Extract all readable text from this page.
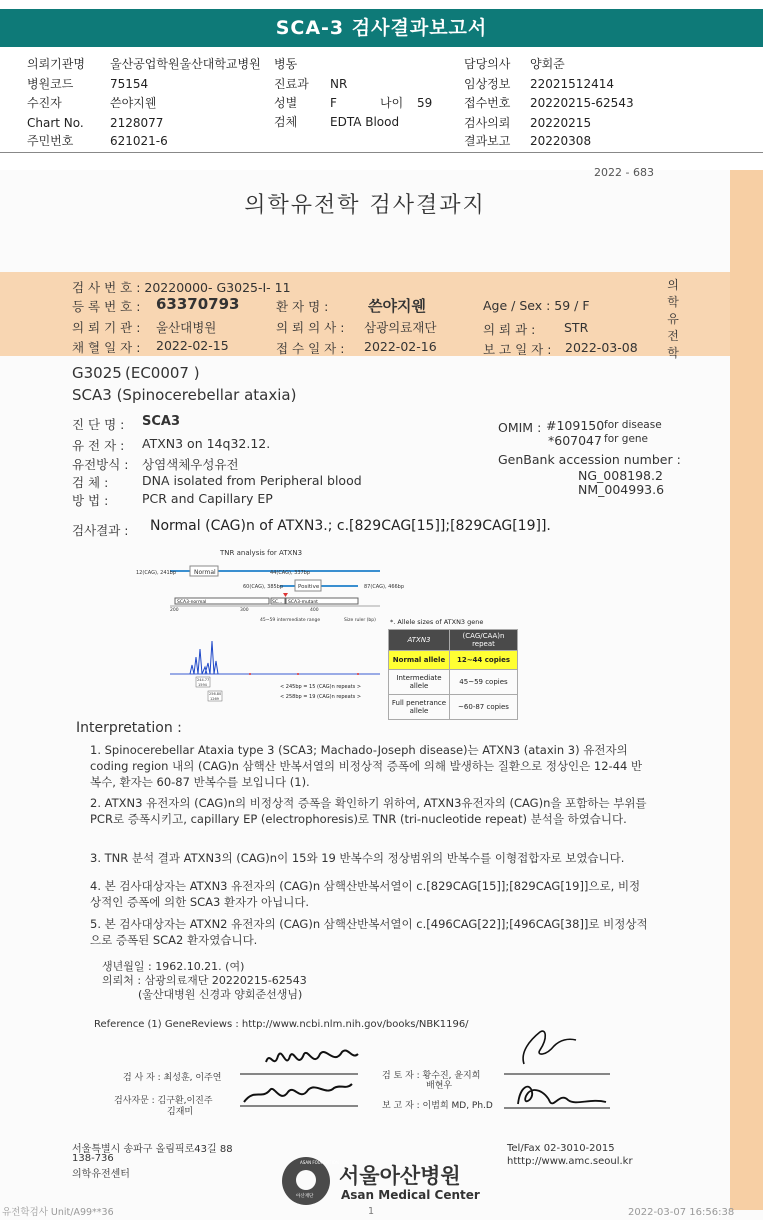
SCA-3 검사결과보고서
의뢰기관명 울산공업학원울산대학교병원 병동	담당의사 양회준
병원코드	75154	진료과 NR	임상정보 22021512414
수진자	쓴야지웬	성별	F	나이 59	접수번호 20220215-62543
Chart No. 2128077	검체	EDTA Blood	검사의뢰 20220215
주민번호	621021-6	결과보고 20220308
2022 - 683
의학유전학 검사결과지
의
학
유
전
학
검 사 번 호 : 20220000- G3025-I- 11
등 록 번 호 : 63370793	환 자 명 :	쓴야지웬	Age / Sex : 59 / F
의 뢰 기 관 : 울산대병원	의 뢰 의 사 : 삼광의료재단	의 뢰 과 : STR
채 혈 일 자 : 2022-02-15	접 수 일 자 : 2022-02-16	보 고 일 자 : 2022-03-08
G3025 (EC0007 )
SCA3 (Spinocerebellar ataxia)
진 단 명 : SCA3
유 전 자 : ATXN3 on 14q32.12.
유전방식 : 상염색체우성유전
검 체 :	DNA isolated from Peripheral blood
방 법 :	PCR and Capillary EP
OMIM : #109150 for disease
*607047 for gene
GenBank accession number :
NG_008198.2
NM_004993.6
검사결과 : Normal (CAG)n of ATXN3.; c.[829CAG[15]];[829CAG[19]].
TNR analysis for ATXN3
Normal
12(CAG), 241bp	44(CAG), 337bp
Positive
60(CAG), 385bp	87(CAG), 466bp
SCA3-normal	SC... SCA3-mutant
200	300	400
45~59 intermediate range	Size ruler (bp)
244.77
1594
256.80
1269
< 245bp = 15 (CAG)n repeats >
< 258bp = 19 (CAG)n repeats >
*. Allele sizes of ATXN3 gene
ATXN3	(CAG/CAA)n repeat
Normal allele	12~44 copies
Intermediate allele	45~59 copies
Full penetrance allele	~60-87 copies
Interpretation :
1. Spinocerebellar Ataxia type 3 (SCA3; Machado-Joseph disease)는 ATXN3 (ataxin 3) 유전자의 coding region 내의 (CAG)n 삼핵산 반복서열의 비정상적 증폭에 의해 발생하는 질환으로 정상인은 12-44 반복수, 환자는 60-87 반복수를 보입니다 (1).
2. ATXN3 유전자의 (CAG)n의 비정상적 증폭을 확인하기 위하여, ATXN3유전자의 (CAG)n을 포함하는 부위를 PCR로 증폭시키고, capillary EP (electrophoresis)로 TNR (tri-nucleotide repeat) 분석을 하였습니다.
3. TNR 분석 결과 ATXN3의 (CAG)n이 15와 19 반복수의 정상범위의 반복수를 이형접합자로 보였습니다.
4. 본 검사대상자는 ATXN3 유전자의 (CAG)n 삼핵산반복서열이 c.[829CAG[15]];[829CAG[19]]으로, 비정상적인 증폭에 의한 SCA3 환자가 아닙니다.
5. 본 검사대상자는 ATXN2 유전자의 (CAG)n 삼핵산반복서열이 c.[496CAG[22]];[496CAG[38]]로 비정상적으로 증폭된 SCA2 환자였습니다.
생년월일 : 1962.10.21. (여)
의뢰처 : 삼광의료재단 20220215-62543
(울산대병원 신경과 양회준선생님)
Reference (1) GeneReviews : http://www.ncbi.nlm.nih.gov/books/NBK1196/
검 사 자 : 최성훈, 이주연
검사자문 : 김구환,이진주
김재미
검 토 자 : 황수진, 윤지희
배현우
보 고 자 : 이범희 MD, Ph.D
서울특별시 송파구 올림픽로43길 88
138-736
의학유전센터
Tel/Fax 02-3010-2015
htttp://www.amc.seoul.kr
ASAN FOUNDATION
아산재단
서울아산병원
Asan Medical Center
유전학검사 Unit/A99**36	1	2022-03-07 16:56:38
